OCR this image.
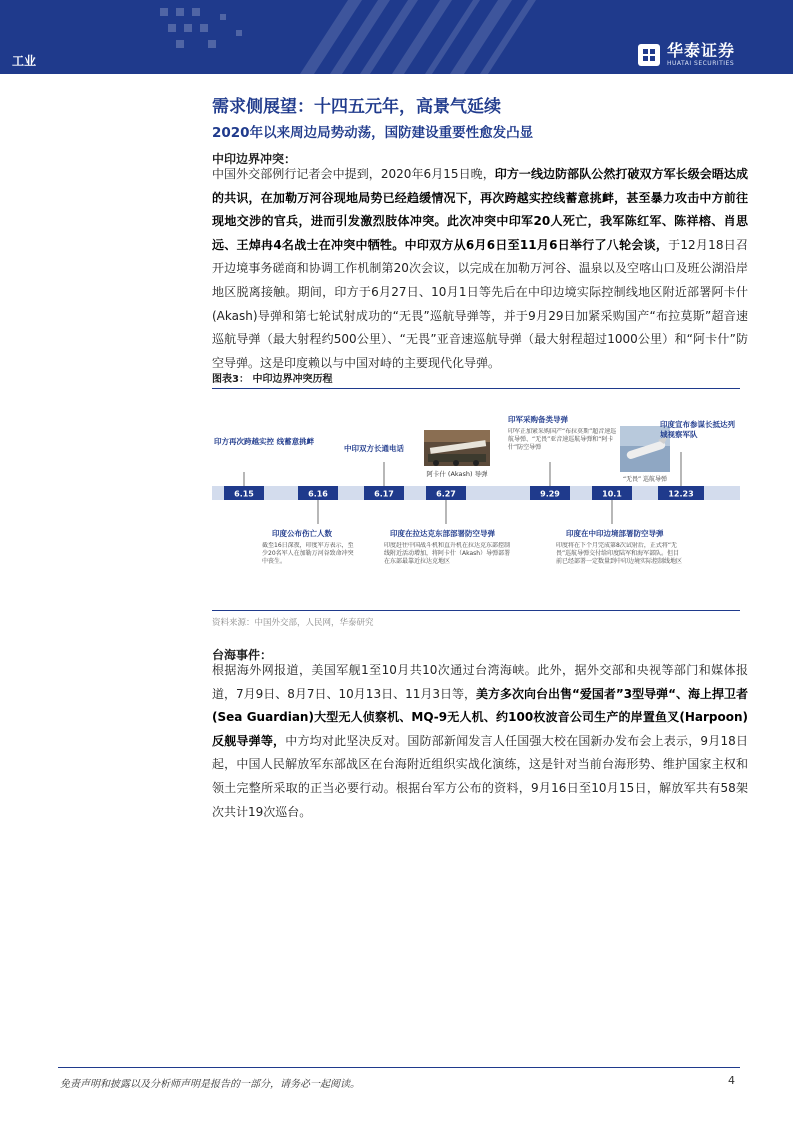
工业
华泰证券
HUATAI SECURITIES
需求侧展望：十四五元年，高景气延续
2020年以来周边局势动荡，国防建设重要性愈发凸显
中印边界冲突：
中国外交部例行记者会中提到，2020年6月15日晚，印方一线边防部队公然打破双方军长级会晤达成的共识，在加勒万河谷现地局势已经趋缓情况下，再次跨越实控线蓄意挑衅，甚至暴力攻击中方前往现地交涉的官兵，进而引发激烈肢体冲突。此次冲突中印军20人死亡，我军陈红军、陈祥榕、肖思远、王焯冉4名战士在冲突中牺牲。中印双方从6月6日至11月6日举行了八轮会谈，于12月18日召开边境事务磋商和协调工作机制第20次会议，以完成在加勒万河谷、温泉以及空喀山口及班公湖沿岸地区脱离接触。期间，印方于6月27日、10月1日等先后在中印边境实际控制线地区附近部署阿卡什(Akash)导弹和第七轮试射成功的“无畏”巡航导弹等，并于9月29日加紧采购国产“布拉莫斯”超音速巡航导弹（最大射程约500公里）、“无畏”亚音速巡航导弹（最大射程超过1000公里）和“阿卡什”防空导弹。这是印度赖以与中国对峙的主要现代化导弹。
图表3： 中印边界冲突历程
6.15	6.16	6.17	6.27	9.29	10.1	12.23
印方再次跨越实控 线蓄意挑衅
中印双方长通电话
阿卡什 (Akash) 导弹
印军采购备类导弹
印军正加紧采购国产“布拉莫斯”超音速巡航导弹、“无畏”亚音速巡航导弹和“阿卡什”防空导弹
“无畏” 巡航导弹
印度宣布参谋长抵达列城视察军队
印度公布伤亡人数
截至16日深夜，印度军方表示，至少20名军人在加勒万河谷致命冲突中丧生。
印度在拉达克东部部署防空导弹
印度赶往中国战斗机和直升机在拉达克东部控制线附近活动增加，将阿卡什（Akash）导弹部署在东部最靠近拉达克地区
印度在中印边境部署防空导弹
印度将在下个月完成第8次试射后，正式将“无畏”巡航导弹交付给印度陆军和海军部队。但目前已经部署一定数量到中印边境实际控制线地区
资料来源：中国外交部，人民网，华泰研究
台海事件：
根据海外网报道，美国军舰1至10月共10次通过台湾海峡。此外，据外交部和央视等部门和媒体报道，7月9日、8月7日、10月13日、11月3日等，美方多次向台出售“爱国者”3型导弹“、海上捍卫者(Sea Guardian)大型无人侦察机、MQ-9无人机、约100枚波音公司生产的岸置鱼叉(Harpoon)反舰导弹等，中方均对此坚决反对。国防部新闻发言人任国强大校在国新办发布会上表示，9月18日起，中国人民解放军东部战区在台海附近组织实战化演练，这是针对当前台海形势、维护国家主权和领土完整所采取的正当必要行动。根据台军方公布的资料，9月16日至10月15日，解放军共有58架次共计19次巡台。
免责声明和披露以及分析师声明是报告的一部分，请务必一起阅读。	4
